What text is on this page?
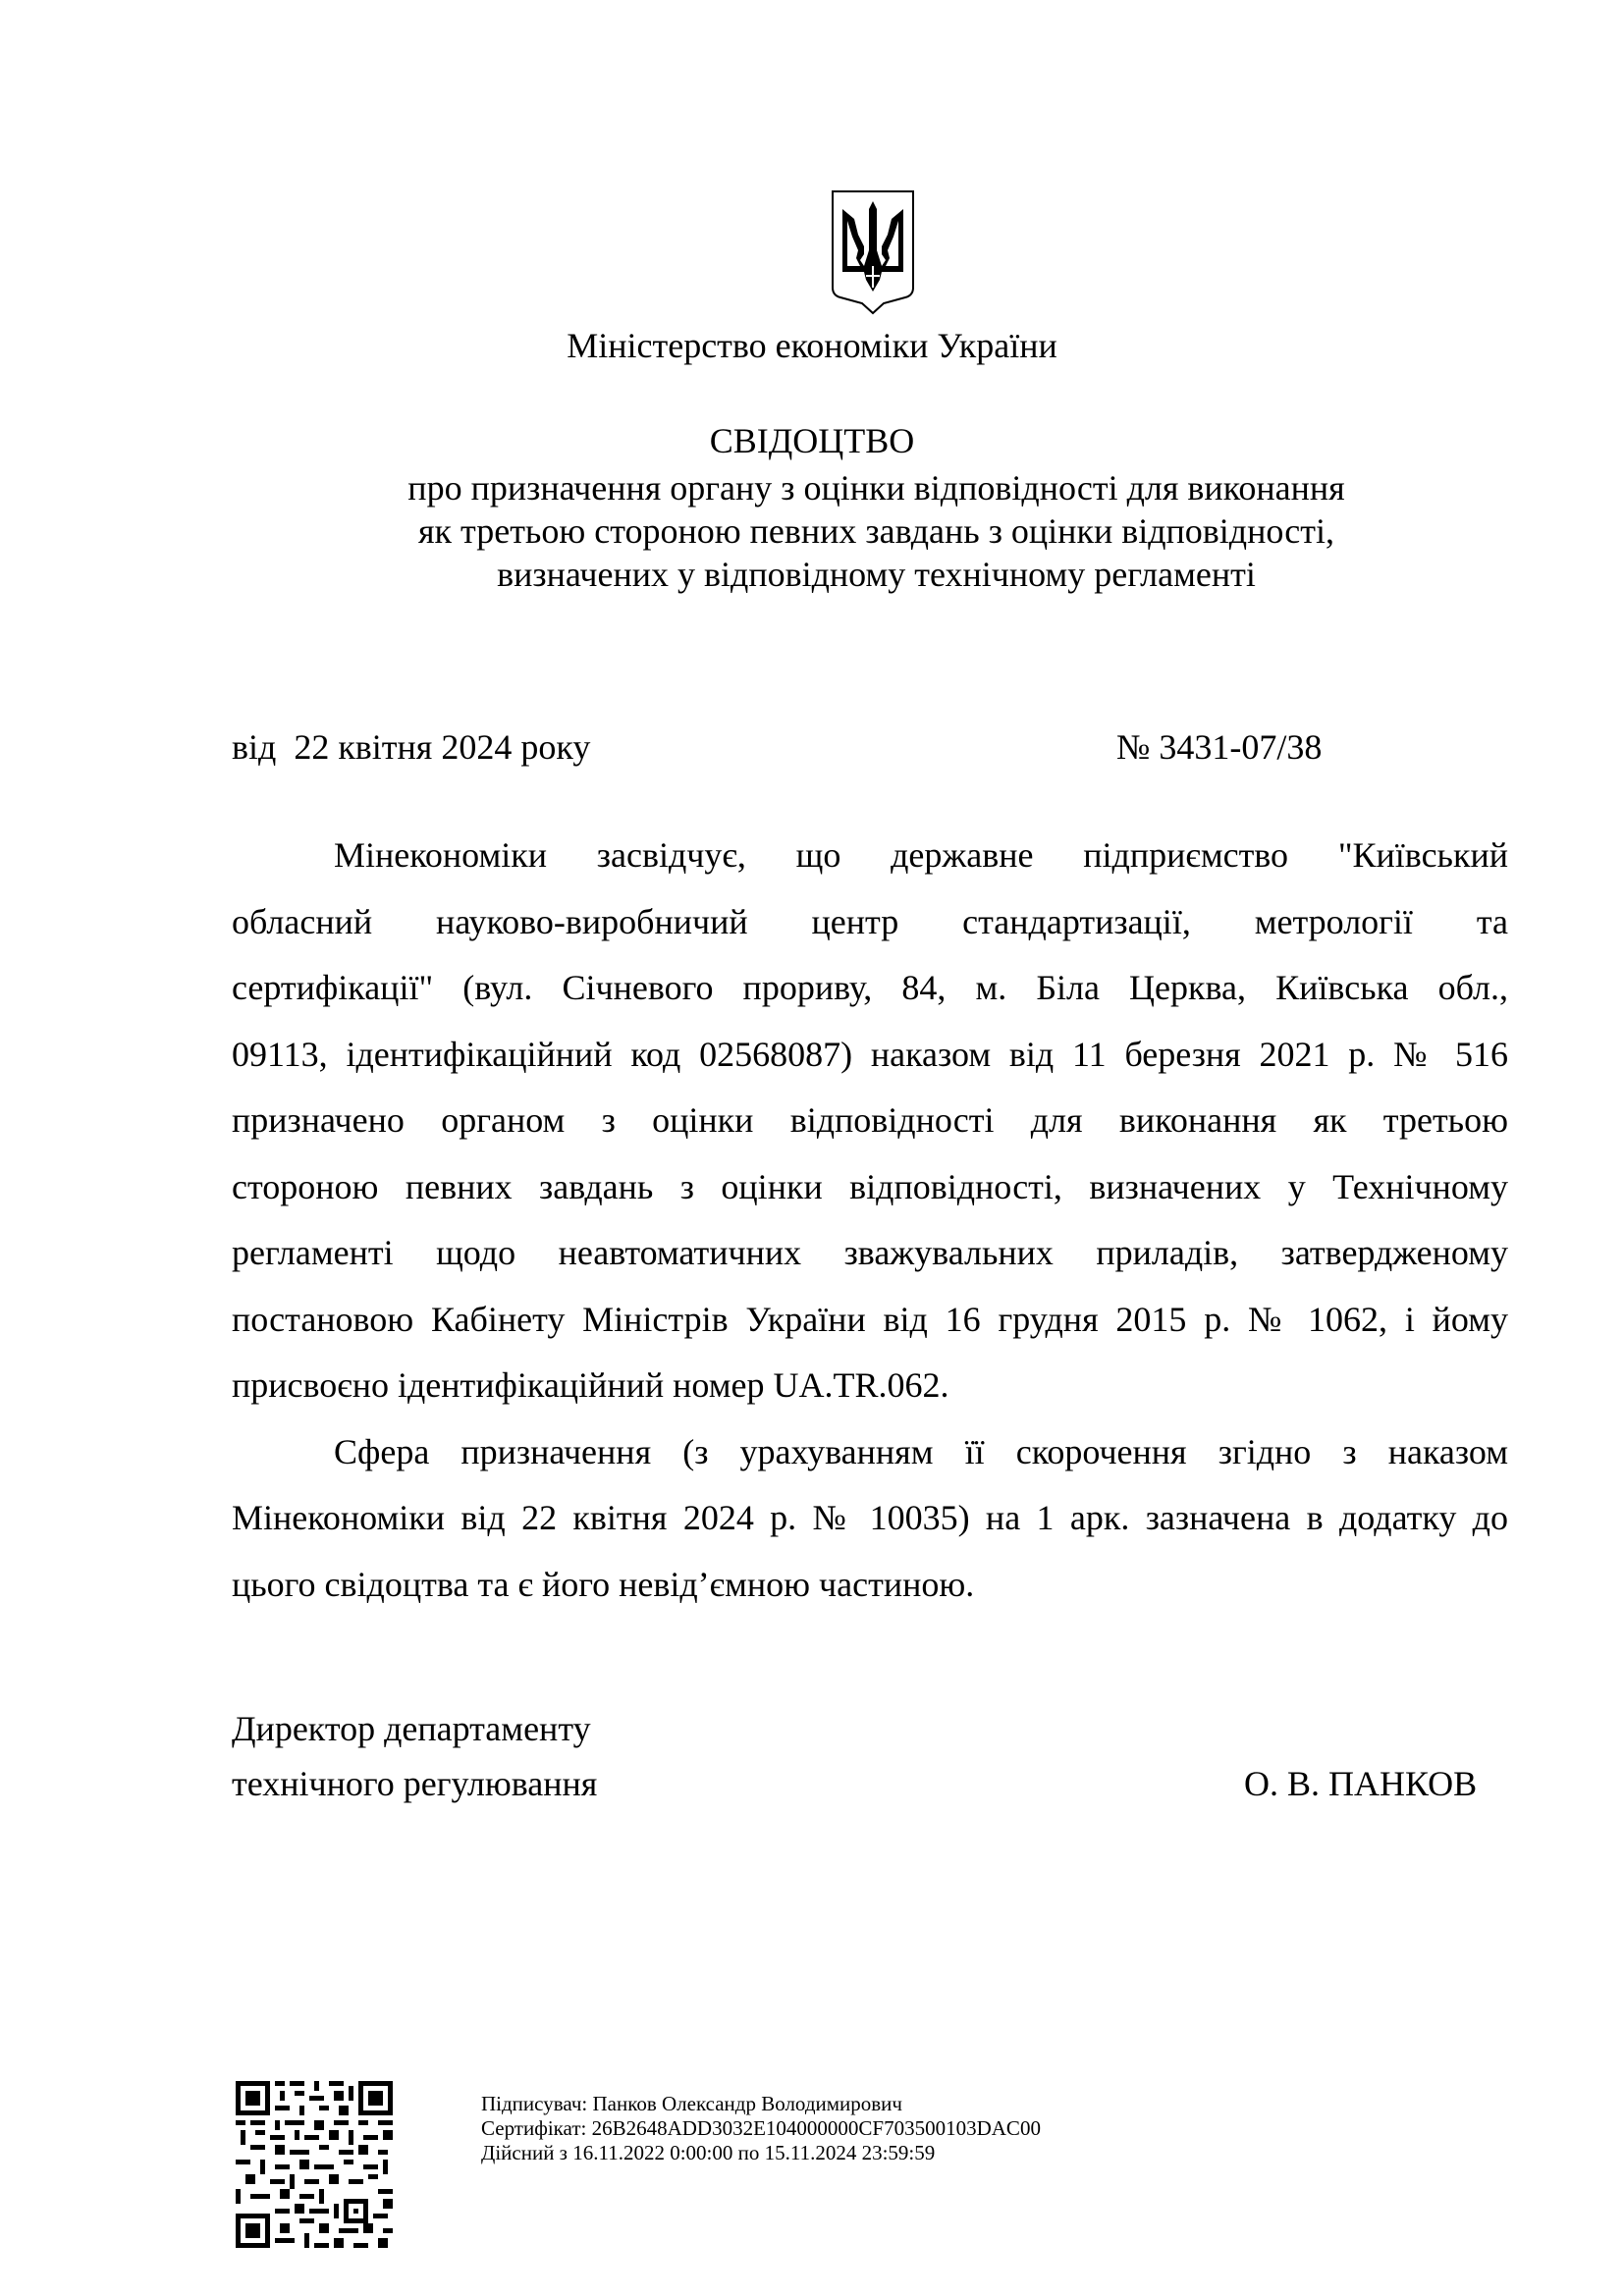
Міністерство економіки України
СВІДОЦТВО
про призначення органу з оцінки відповідності для виконання
як третьою стороною певних завдань з оцінки відповідності,
визначених у відповідному технічному регламенті
від  22 квітня 2024 року	№ 3431-07/38
Мінекономіки засвідчує, що державне підприємство "Київський
обласний науково-виробничий центр стандартизації, метрології та
сертифікації" (вул. Січневого прориву, 84, м. Біла Церква, Київська обл.,
09113, ідентифікаційний код 02568087) наказом від 11 березня 2021 р. № 516
призначено органом з оцінки відповідності для виконання як третьою
стороною певних завдань з оцінки відповідності, визначених у Технічному
регламенті щодо неавтоматичних зважувальних приладів, затвердженому
постановою Кабінету Міністрів України від 16 грудня 2015 р. № 1062, і йому
присвоєно ідентифікаційний номер UA.TR.062.
Сфера призначення (з урахуванням її скорочення згідно з наказом
Мінекономіки від 22 квітня 2024 р. № 10035) на 1 арк. зазначена в додатку до
цього свідоцтва та є його невід’ємною частиною.
Директор департаменту
технічного регулювання	О. В. ПАНКОВ
Підписувач: Панков Олександр Володимирович
Сертифікат: 26B2648ADD3032E104000000CF703500103DAC00
Дійсний з 16.11.2022 0:00:00 по 15.11.2024 23:59:59
